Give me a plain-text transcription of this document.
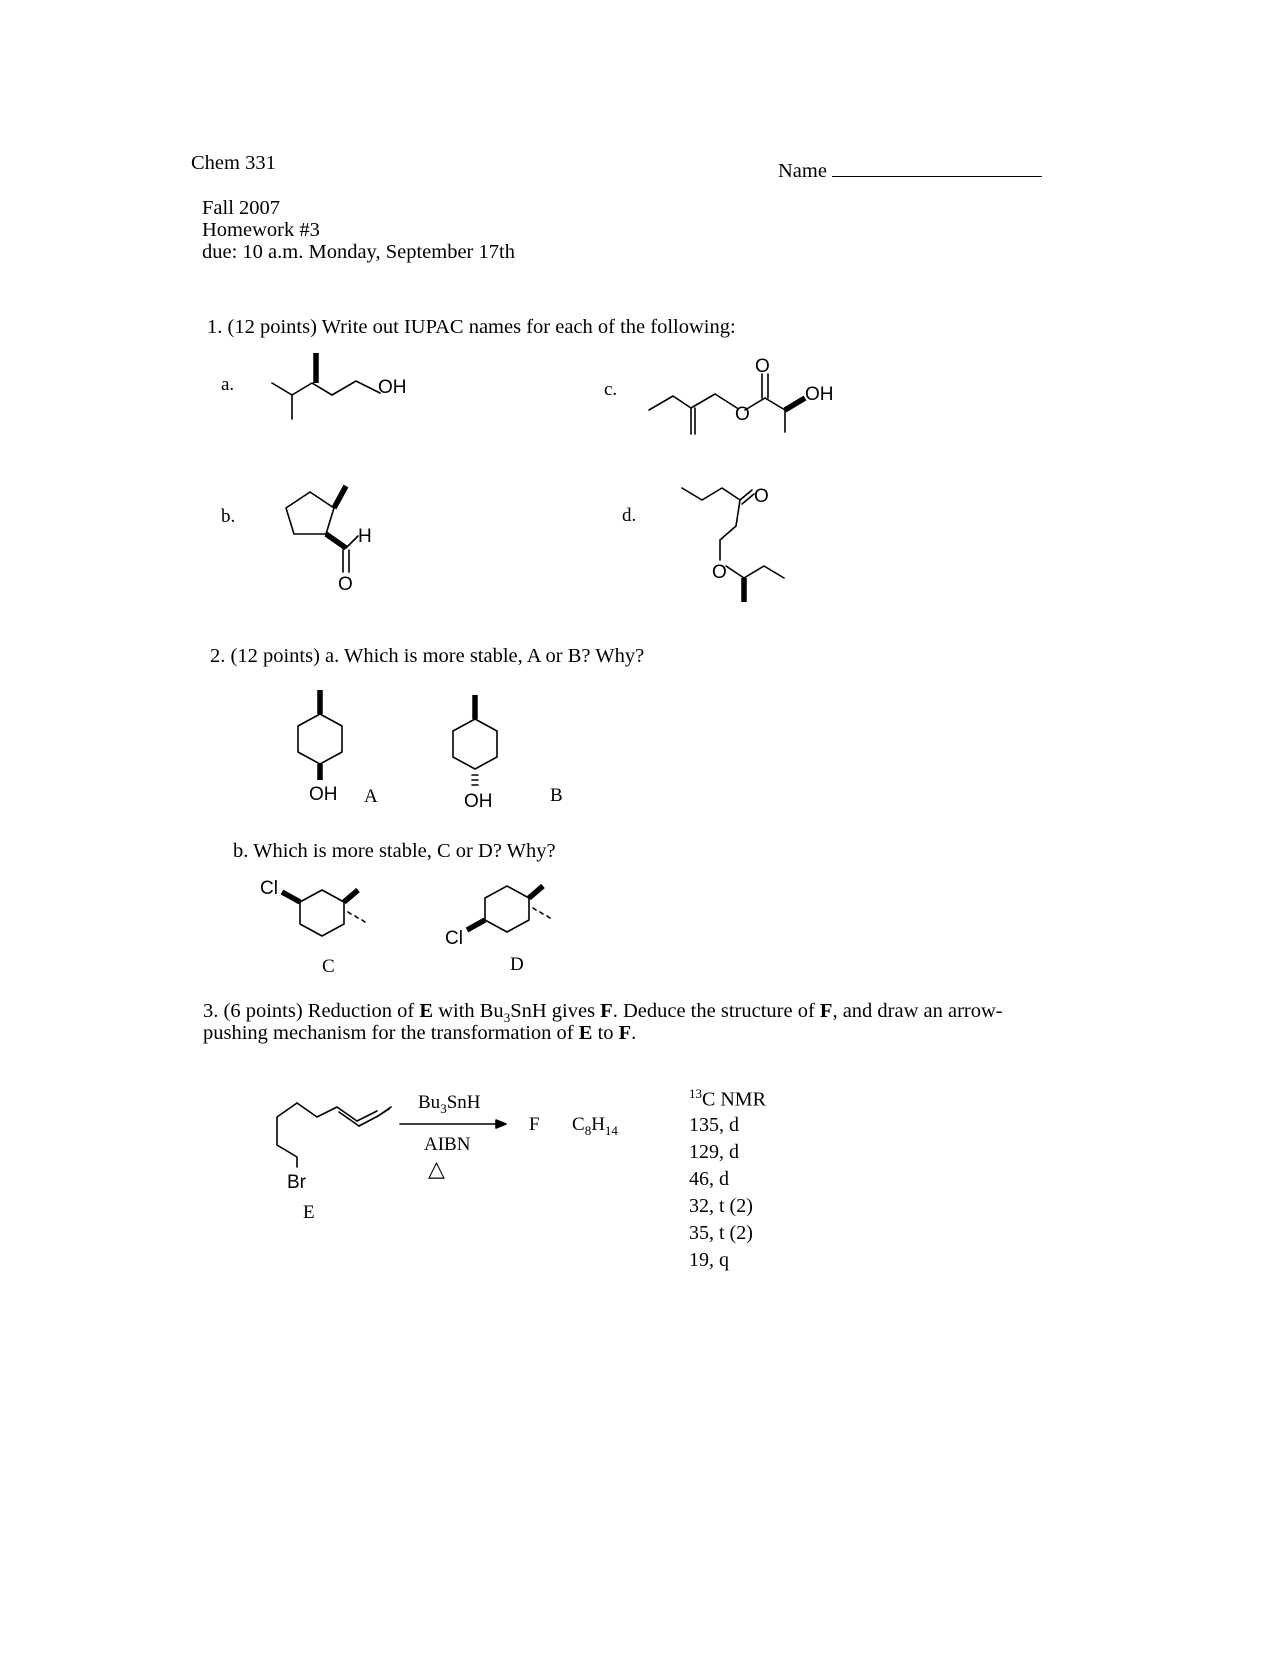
Chem 331	Name
Fall 2007
Homework #3
due: 10 a.m. Monday, September 17th
1. (12 points) Write out IUPAC names for each of the following:
a.
b.
c.
d.
OH
H
O
O
O
OH
O
O
2. (12 points) a. Which is more stable, A or B? Why?
OH A	OH	B
b. Which is more stable, C or D? Why?
Cl
C
Cl
D
3. (6 points) Reduction of E with $Bu_3SnH$ gives F. Deduce the structure of F, and draw an arrow-
pushing mechanism for the transformation of E to F.
Br
E
$Bu_3SnH$
AIBN
△
F $C_8H_{14}$
$^{13}$C NMR
135, d
129, d
46, d
32, t (2)
35, t (2)
19, q
